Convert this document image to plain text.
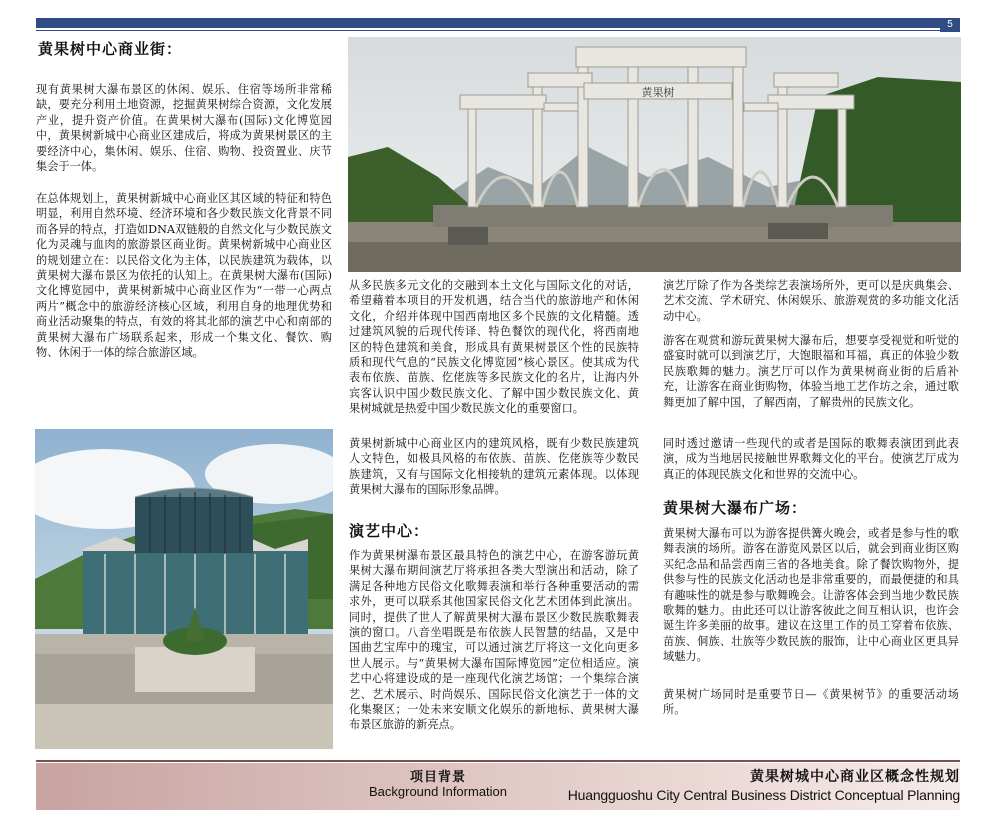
5
黄果树中心商业街：

现有黄果树大瀑布景区的休闲、娱乐、住宿等场所非常稀缺，要充分利用土地资源，挖掘黄果树综合资源，文化发展产业，提升资产价值。在黄果树大瀑布(国际)文化博览园中，黄果树新城中心商业区建成后，将成为黄果树景区的主要经济中心，集休闲、娱乐、住宿、购物、投资置业、庆节集会于一体。

在总体规划上，黄果树新城中心商业区其区域的特征和特色明显，利用自然环境、经济环境和各少数民族文化背景不同而各异的特点，打造如DNA双链般的自然文化与少数民族文化为灵魂与血肉的旅游景区商业街。黄果树新城中心商业区的规划建立在：以民俗文化为主体，以民族建筑为载体，以黄果树大瀑布景区为依托的认知上。在黄果树大瀑布(国际)文化博览园中，黄果树新城中心商业区作为“一带一心两点两片”概念中的旅游经济核心区域，利用自身的地理优势和商业活动聚集的特点，有效的将其北部的演艺中心和南部的黄果树大瀑布广场联系起来，形成一个集文化、餐饮、购物、休闲于一体的综合旅游区域。

黄果树

从多民族多元文化的交融到本土文化与国际文化的对话，希望藉着本项目的开发机遇，结合当代的旅游地产和休闲文化，介绍并体现中国西南地区多个民族的文化精髓。透过建筑风貌的后现代传译、特色餐饮的现代化，将西南地区的特色建筑和美食，形成具有黄果树景区个性的民族特质和现代气息的“民族文化博览园”核心景区。使其成为代表布依族、苗族、仡佬族等多民族文化的名片，让海内外宾客认识中国少数民族文化、了解中国少数民族文化、黄果树城就是热爱中国少数民族文化的重要窗口。

黄果树新城中心商业区内的建筑风格，既有少数民族建筑人文特色，如极具风格的布依族、苗族、仡佬族等少数民族建筑，又有与国际文化相接轨的建筑元素体现。以体现黄果树大瀑布的国际形象品牌。

演艺中心：

作为黄果树瀑布景区最具特色的演艺中心，在游客游玩黄果树大瀑布期间演艺厅将承担各类大型演出和活动，除了满足各种地方民俗文化歌舞表演和举行各种重要活动的需求外，更可以联系其他国家民俗文化艺术团体到此演出。同时，提供了世人了解黄果树大瀑布景区少数民族歌舞表演的窗口。八音坐唱既是布依族人民智慧的结晶，又是中国曲艺宝库中的瑰宝，可以通过演艺厅将这一文化向更多世人展示。与“黄果树大瀑布国际博览园”定位相适应。演艺中心将建设成的是一座现代化演艺场馆；一个集综合演艺、艺术展示、时尚娱乐、国际民俗文化演艺于一体的文化集聚区；一处未来安顺文化娱乐的新地标、黄果树大瀑布景区旅游的新亮点。

演艺厅除了作为各类综艺表演场所外，更可以是庆典集会、艺术交流、学术研究、休闲娱乐、旅游观赏的多功能文化活动中心。

游客在观赏和游玩黄果树大瀑布后，想要享受视觉和听觉的盛宴时就可以到演艺厅，大饱眼福和耳福，真正的体验少数民族歌舞的魅力。演艺厅可以作为黄果树商业街的后盾补充，让游客在商业街购物，体验当地工艺作坊之余，通过歌舞更加了解中国，了解西南，了解贵州的民族文化。

同时透过邀请一些现代的或者是国际的歌舞表演团到此表演，成为当地居民接触世界歌舞文化的平台。使演艺厅成为真正的体现民族文化和世界的交流中心。

黄果树大瀑布广场：

黄果树大瀑布可以为游客提供篝火晚会，或者是参与性的歌舞表演的场所。游客在游览风景区以后，就会到商业街区购买纪念品和品尝西南三省的各地美食。除了餐饮购物外，提供参与性的民族文化活动也是非常重要的，而最便捷的和具有趣味性的就是参与歌舞晚会。让游客体会到当地少数民族歌舞的魅力。由此还可以让游客彼此之间互相认识，也许会诞生许多美丽的故事。建议在这里工作的员工穿着布依族、苗族、侗族、壮族等少数民族的服饰，让中心商业区更具异域魅力。

黄果树广场同时是重要节日—《黄果树节》的重要活动场所。

项目背景
Background Information
黄果树城中心商业区概念性规划
Huangguoshu City Central Business District Conceptual Planning
